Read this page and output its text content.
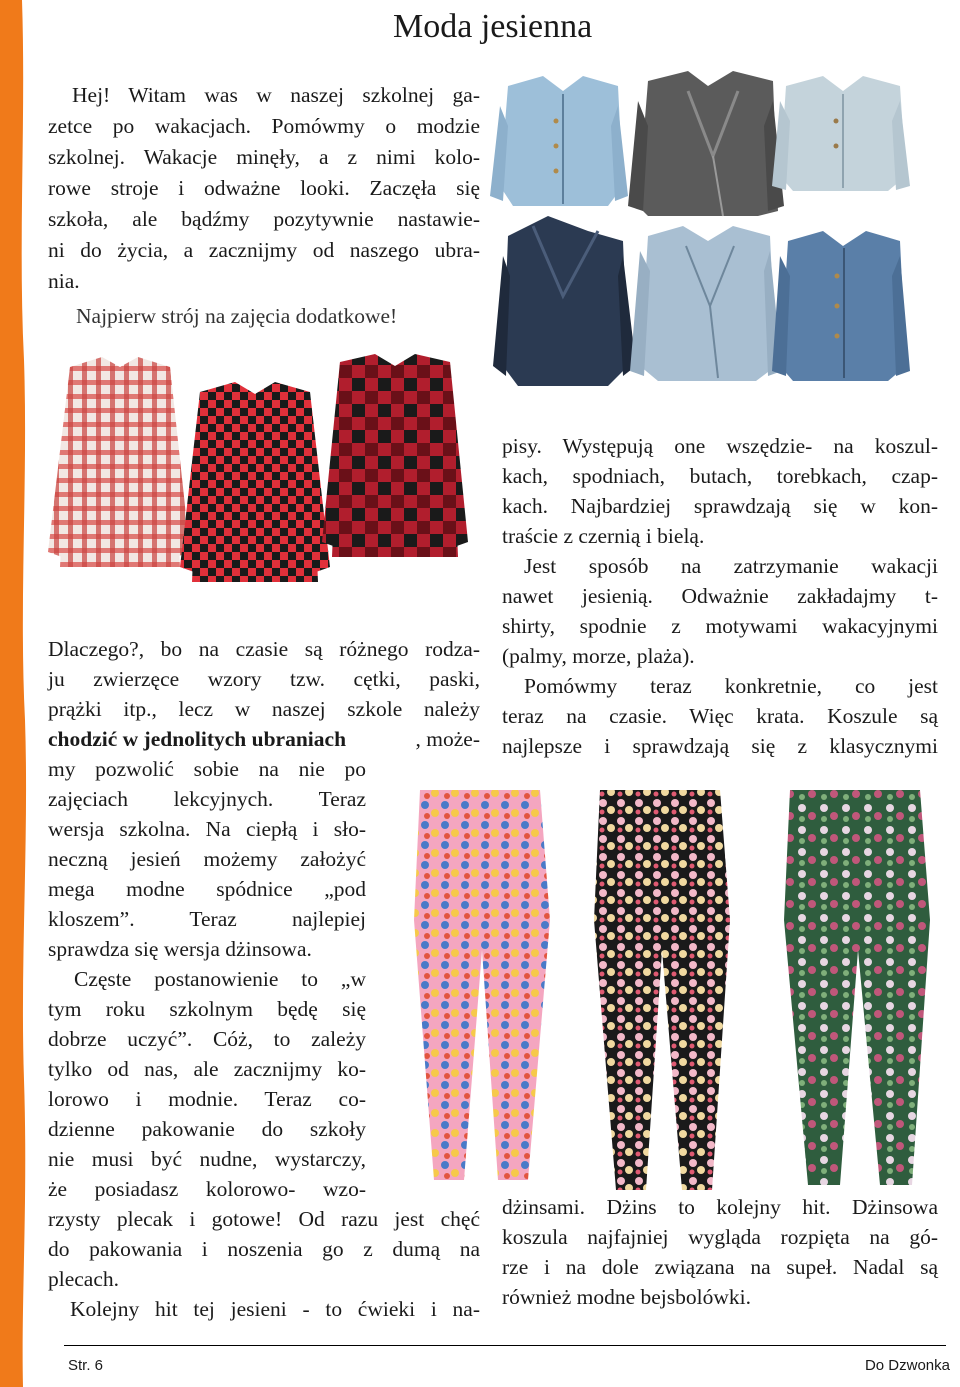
Moda jesienna
Hej! Witam was w naszej szkolnej ga-
zetce po wakacjach. Pomówmy o modzie
szkolnej. Wakacje minęły, a z nimi kolo-
rowe stroje i odważne looki. Zaczęła się
szkoła, ale bądźmy pozytywnie nastawie-
ni do życia, a zacznijmy od naszego ubra-
nia.
Najpierw strój na zajęcia dodatkowe!
Dlaczego?, bo na czasie są różnego rodza-
ju zwierzęce wzory tzw. cętki, paski,
prążki itp., lecz w naszej szkole należy
chodzić w jednolitych ubraniach	, może-
my pozwolić sobie na nie po
zajęciach lekcyjnych. Teraz
wersja szkolna. Na ciepłą i sło-
neczną jesień możemy założyć
mega modne spódnice „pod
kloszem”. Teraz najlepiej
sprawdza się wersja dżinsowa.
Częste postanowienie to „w
tym roku szkolnym będę się
dobrze uczyć”. Cóż, to zależy
tylko od nas, ale zacznijmy ko-
lorowo i modnie. Teraz co-
dzienne pakowanie do szkoły
nie musi być nudne, wystarczy,
że posiadasz kolorowo- wzo-
rzysty plecak i gotowe! Od razu jest chęć
do pakowania i noszenia go z dumą na
plecach.
Kolejny hit tej jesieni - to ćwieki i na-
pisy. Występują one wszędzie- na koszul-
kach, spodniach, butach, torebkach, czap-
kach. Najbardziej sprawdzają się w kon-
traście z czernią i bielą.
Jest sposób na zatrzymanie wakacji
nawet jesienią. Odważnie zakładajmy t-
shirty, spodnie z motywami wakacyjnymi
(palmy, morze, plaża).
Pomówmy teraz konkretnie, co jest
teraz na czasie. Więc krata. Koszule są
najlepsze i sprawdzają się z klasycznymi
dżinsami. Dżins to kolejny hit. Dżinsowa
koszula najfajniej wygląda rozpięta na gó-
rze i na dole związana na supeł. Nadal są
również modne bejsbolówki.
Str. 6	Do Dzwonka
